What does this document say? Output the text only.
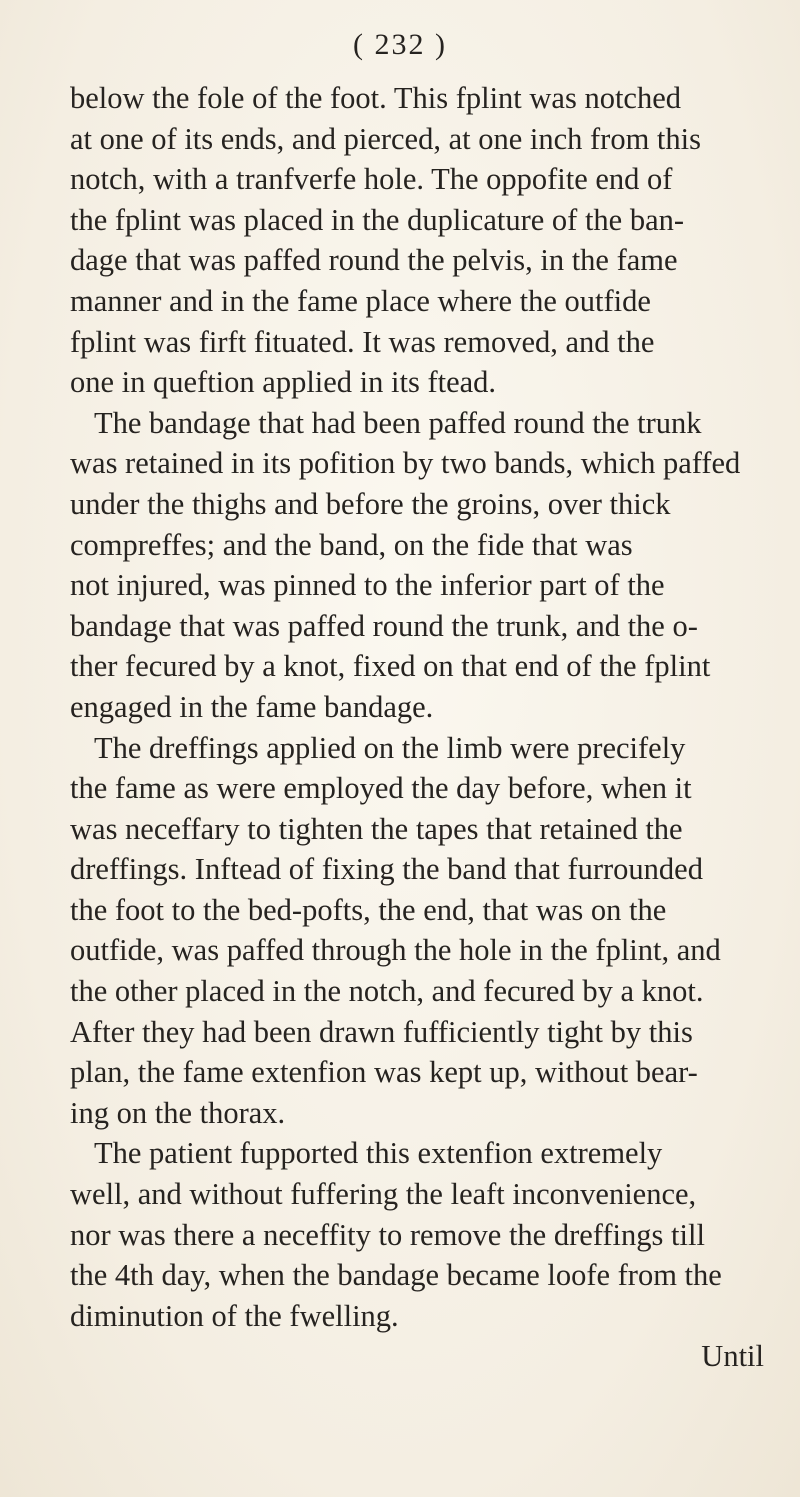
( 232 )
below the fole of the foot. This fplint was notched
at one of its ends, and pierced, at one inch from this
notch, with a tranfverfe hole. The oppofite end of
the fplint was placed in the duplicature of the ban-
dage that was paffed round the pelvis, in the fame
manner and in the fame place where the outfide
fplint was firft fituated. It was removed, and the
one in queftion applied in its ftead.
The bandage that had been paffed round the trunk
was retained in its pofition by two bands, which paffed
under the thighs and before the groins, over thick
compreffes; and the band, on the fide that was
not injured, was pinned to the inferior part of the
bandage that was paffed round the trunk, and the o-
ther fecured by a knot, fixed on that end of the fplint
engaged in the fame bandage.
The dreffings applied on the limb were precifely
the fame as were employed the day before, when it
was neceffary to tighten the tapes that retained the
dreffings. Inftead of fixing the band that furrounded
the foot to the bed-pofts, the end, that was on the
outfide, was paffed through the hole in the fplint, and
the other placed in the notch, and fecured by a knot.
After they had been drawn fufficiently tight by this
plan, the fame extenfion was kept up, without bear-
ing on the thorax.
The patient fupported this extenfion extremely
well, and without fuffering the leaft inconvenience,
nor was there a neceffity to remove the dreffings till
the 4th day, when the bandage became loofe from the
diminution of the fwelling.
Until
